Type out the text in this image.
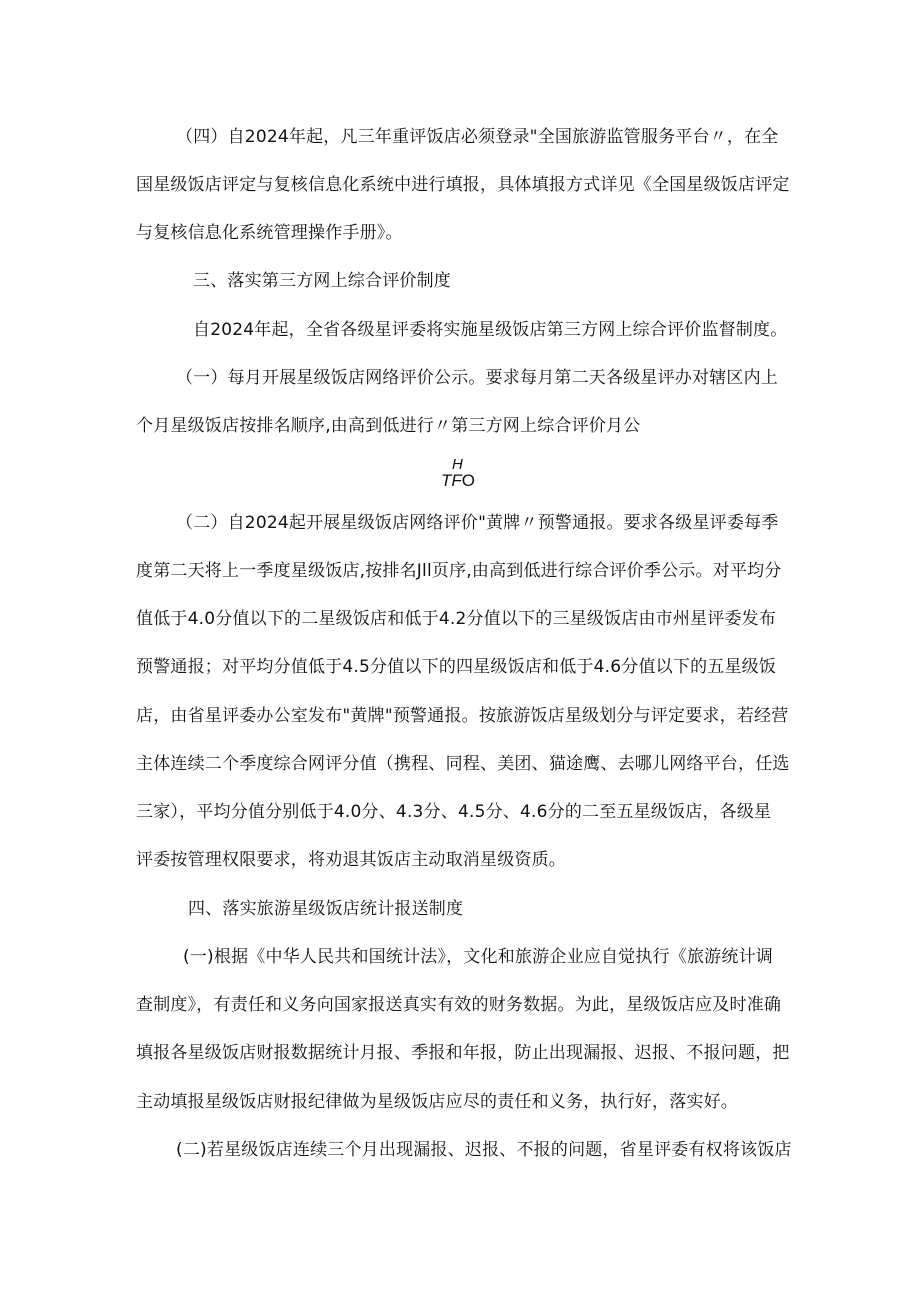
（四）自2024年起，凡三年重评饭店必须登录"全国旅游监管服务平台〃，在全
国星级饭店评定与复核信息化系统中进行填报，具体填报方式详见《全国星级饭店评定
与复核信息化系统管理操作手册》。
三、落实第三方网上综合评价制度
自2024年起，全省各级星评委将实施星级饭店第三方网上综合评价监督制度。
（一）每月开展星级饭店网络评价公示。要求每月第二天各级星评办对辖区内上
个月星级饭店按排名顺序,由高到低进行〃第三方网上综合评价月公
H
TFO
（二）自2024起开展星级饭店网络评价"黄牌〃预警通报。要求各级星评委每季
度第二天将上一季度星级饭店,按排名Jll页序,由高到低进行综合评价季公示。对平均分
值低于4.0分值以下的二星级饭店和低于4.2分值以下的三星级饭店由市州星评委发布
预警通报；对平均分值低于4.5分值以下的四星级饭店和低于4.6分值以下的五星级饭
店，由省星评委办公室发布"黄牌"预警通报。按旅游饭店星级划分与评定要求，若经营
主体连续二个季度综合网评分值（携程、同程、美团、猫途鹰、去哪儿网络平台，任选
三家），平均分值分别低于4.0分、4.3分、4.5分、4.6分的二至五星级饭店，各级星
评委按管理权限要求，将劝退其饭店主动取消星级资质。
四、落实旅游星级饭店统计报送制度
(一)根据《中华人民共和国统计法》，文化和旅游企业应自觉执行《旅游统计调
查制度》，有责任和义务向国家报送真实有效的财务数据。为此，星级饭店应及时准确
填报各星级饭店财报数据统计月报、季报和年报，防止出现漏报、迟报、不报问题，把
主动填报星级饭店财报纪律做为星级饭店应尽的责任和义务，执行好，落实好。
(二)若星级饭店连续三个月出现漏报、迟报、不报的问题，省星评委有权将该饭店
